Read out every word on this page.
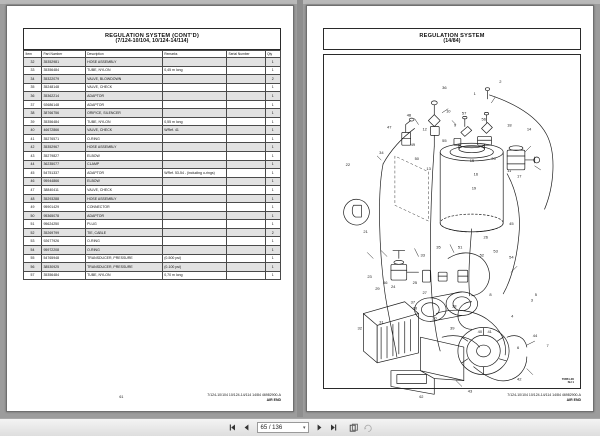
REGULATION SYSTEM (CONT'D)
(7/124-10/104, 10/124-14/114)
Item	Part Number	Description	Remarks	Serial Number	Qty
32	35352981	HOSE ASSEMBLY			1
33	35356484	TUBE, NYLON	0,45 m long		1
34	35322079	VALVE, BLOWDOWN			2
35	35248148	VALVE, CHECK			1
36	35362214	ADAPTOR			1
37	92686148	ADAPTOR			1
38	38766756	ORIFICE, SILENCER			1
39	35356484	TUBE, NYLON	0,55 m long		1
40	46672866	VALVE, CHECK	WRef. 41		1
41	35276571	O-RING			1
42	35352967	HOSE ASSEMBLY			1
43	35279827	ELBOW			1
44	36235077	CLAMP			1
45	54751337	ADAPTOR	WRef. 53-54 - (including o-rings)		1
46	95944866	ELBOW			1
47	38840411	VALVE, CHECK			1
48	35293288	HOSE ASSEMBLY			1
49	95901429	CONNECTOR			1
50	95365078	ADAPTOR			1
51	95624250	PLUG			1
52	35269799	TIE, CABLE			2
53	92677926	O-RING			1
54	95972208	O-RING			1
55	54765948	TRANSDUCER, PRESSURE	(0-500 psi)		1
56	38530925	TRANSDUCER, PRESSURE	(0-100 psi)		1
57	35356484	TUBE, NYLON	0,70 m long		1
61	7/124-10/104 10/124-14/114 14/84 46982900-A
AIR END
REGULATION SYSTEM
(14/84)
1
2
3
4
5
6	7
8
9
10
11
12
13
14
15
16	17
18
19
20
21
22
23
24
25
26
27
28
29
30
31
32
33
34
35
36
37
38
39
40 41
42
43
44
45
46
47
48
49
50
51
52
53
54
55
56
57
70851-00
SH 1
62	7/124-10/104 10/124-14/114 14/84 46982900-A
AIR END
65 / 136	▾
